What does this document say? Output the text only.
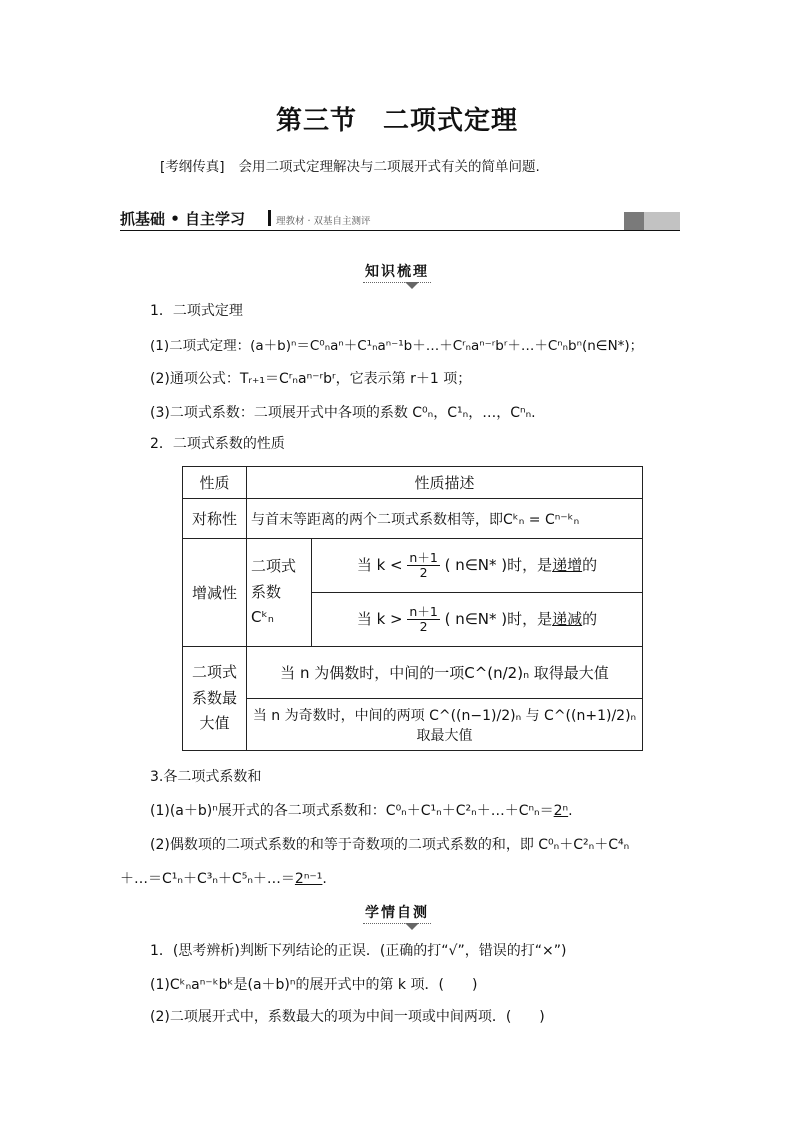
第三节 二项式定理
[考纲传真] 会用二项式定理解决与二项展开式有关的简单问题.
抓基础 • 自主学习	理教材 · 双基自主测评
知识梳理
1．二项式定理
(1)二项式定理：(a＋b)ⁿ＝C⁰ₙaⁿ＋C¹ₙaⁿ⁻¹b＋…＋Cʳₙaⁿ⁻ʳbʳ＋…＋Cⁿₙbⁿ(n∈N*)；
(2)通项公式：Tᵣ₊₁＝Cʳₙaⁿ⁻ʳbʳ，它表示第 r＋1 项；
(3)二项式系数：二项展开式中各项的系数 C⁰ₙ，C¹ₙ，…，Cⁿₙ.
2．二项式系数的性质
性质	性质描述	
对称性	与首末等距离的两个二项式系数相等，即Cᵏₙ = Cⁿ⁻ᵏₙ	
增减性	二项式系数 Cᵏₙ	当 $k < \frac{n+1}{2}$ ( n∈N* )时，是递增的
		当 $k > \frac{n+1}{2}$ ( n∈N* )时，是递减的
二项式系数最大值	当 n 为偶数时，中间的一项C^(n/2)ₙ 取得最大值	
	当 n 为奇数时，中间的两项 C^((n−1)/2)ₙ 与 C^((n+1)/2)ₙ 取最大值	
3.各二项式系数和
(1)(a＋b)ⁿ展开式的各二项式系数和：C⁰ₙ＋C¹ₙ＋C²ₙ＋…＋Cⁿₙ＝2ⁿ.
(2)偶数项的二项式系数的和等于奇数项的二项式系数的和，即 C⁰ₙ＋C²ₙ＋C⁴ₙ
＋…＝C¹ₙ＋C³ₙ＋C⁵ₙ＋…＝2ⁿ⁻¹.
学情自测
1．(思考辨析)判断下列结论的正误．(正确的打“√”，错误的打“×”)
(1)Cᵏₙaⁿ⁻ᵏbᵏ是(a＋b)ⁿ的展开式中的第 k 项．(　　)
(2)二项展开式中，系数最大的项为中间一项或中间两项．(　　)
